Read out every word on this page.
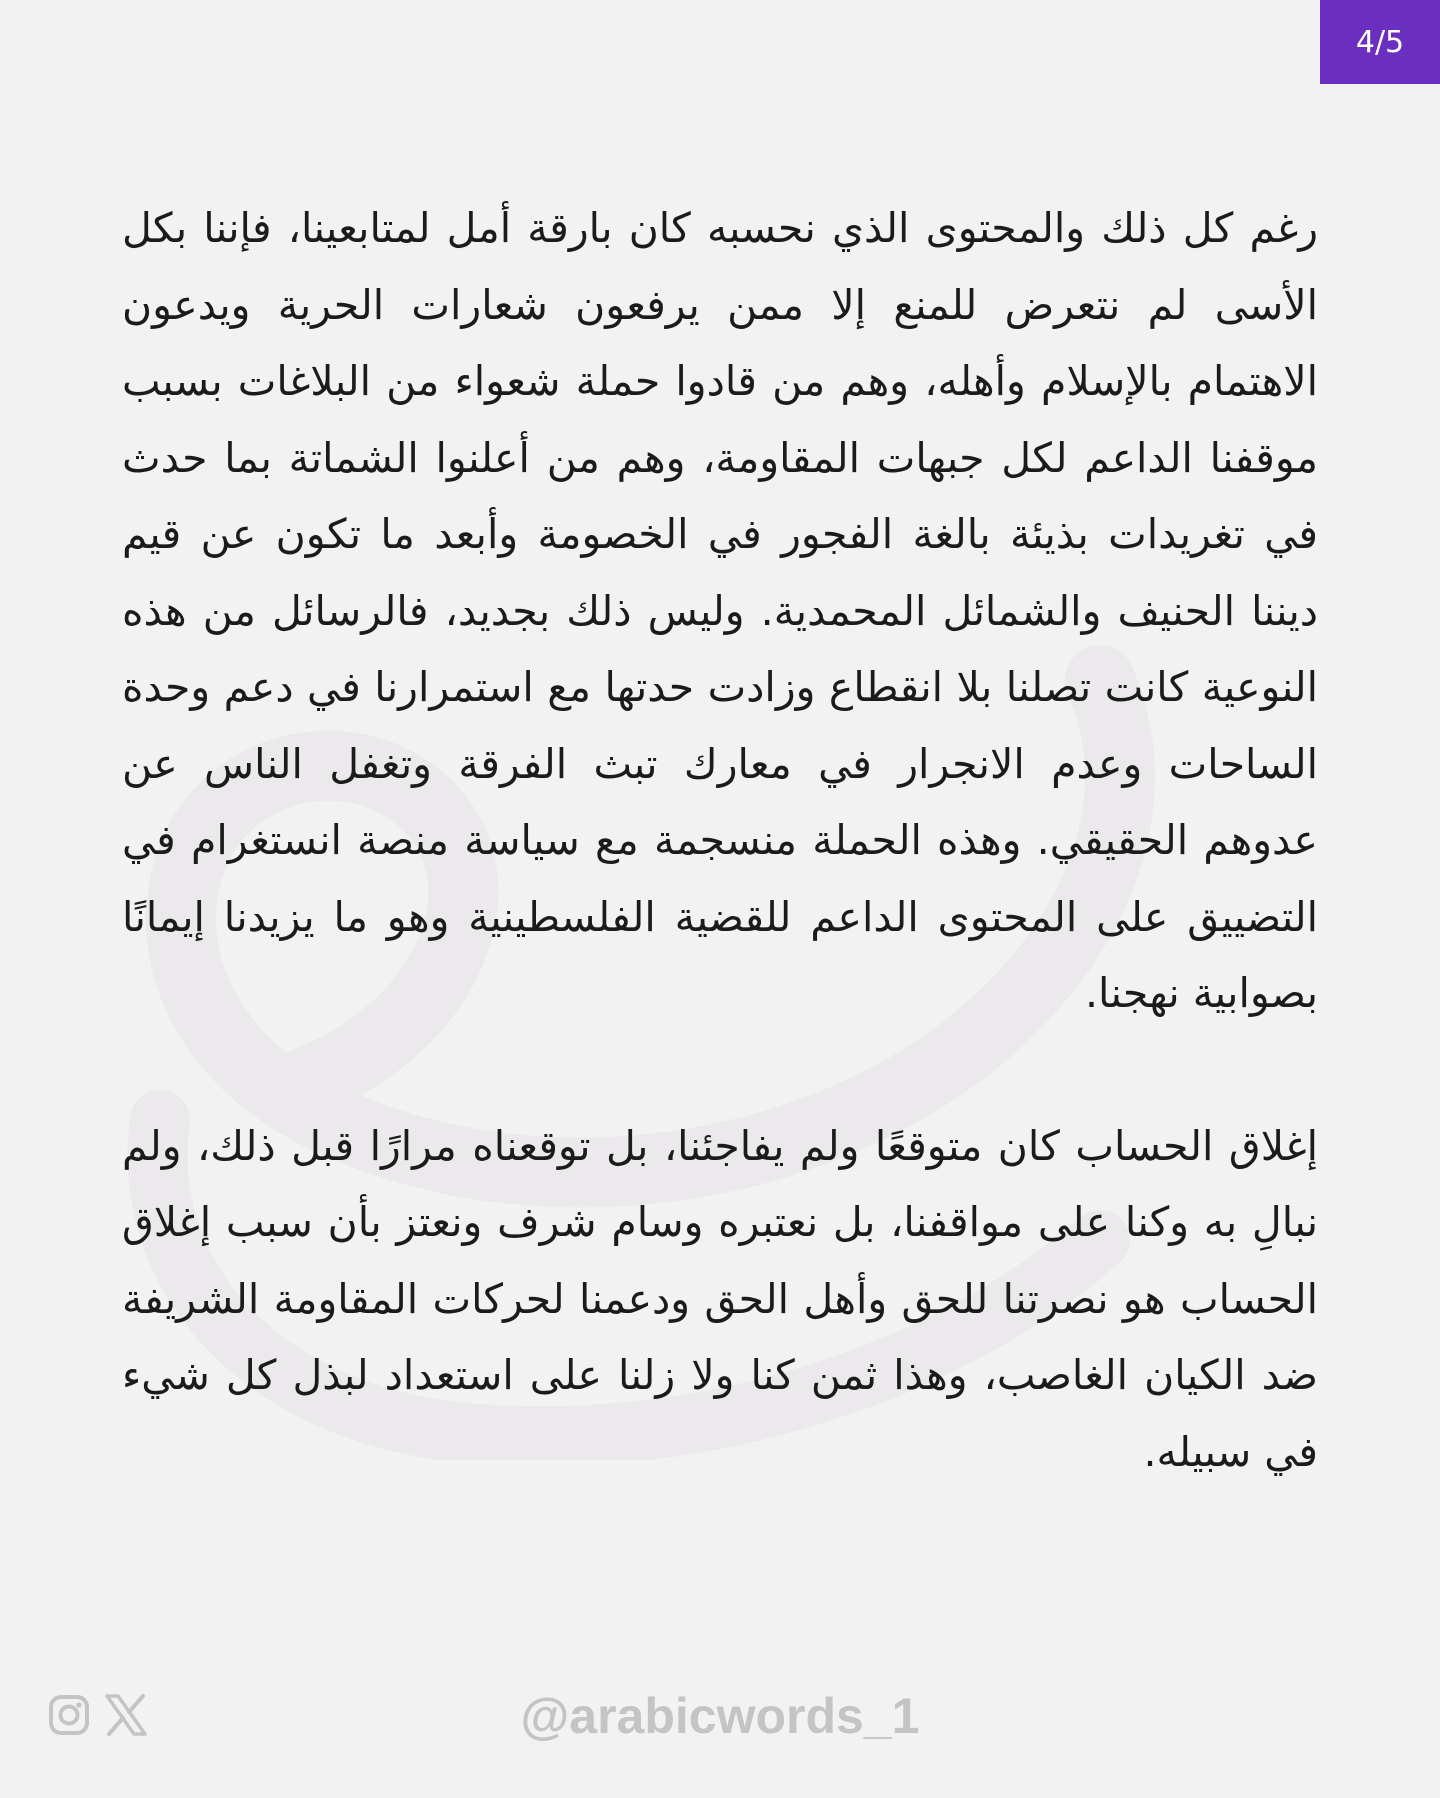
4/5

رغم كل ذلك والمحتوى الذي نحسبه كان بارقة أمل لمتابعينا، فإننا بكل الأسى لم نتعرض للمنع إلا ممن يرفعون شعارات الحرية ويدعون الاهتمام بالإسلام وأهله، وهم من قادوا حملة شعواء من البلاغات بسبب موقفنا الداعم لكل جبهات المقاومة، وهم من أعلنوا الشماتة بما حدث في تغريدات بذيئة بالغة الفجور في الخصومة وأبعد ما تكون عن قيم ديننا الحنيف والشمائل المحمدية. وليس ذلك بجديد، فالرسائل من هذه النوعية كانت تصلنا بلا انقطاع وزادت حدتها مع استمرارنا في دعم وحدة الساحات وعدم الانجرار في معارك تبث الفرقة وتغفل الناس عن عدوهم الحقيقي. وهذه الحملة منسجمة مع سياسة منصة انستغرام في التضييق على المحتوى الداعم للقضية الفلسطينية وهو ما يزيدنا إيمانًا بصوابية نهجنا.

إغلاق الحساب كان متوقعًا ولم يفاجئنا، بل توقعناه مرارًا قبل ذلك، ولم نبالِ به وكنا على مواقفنا، بل نعتبره وسام شرف ونعتز بأن سبب إغلاق الحساب هو نصرتنا للحق وأهل الحق ودعمنا لحركات المقاومة الشريفة ضد الكيان الغاصب، وهذا ثمن كنا ولا زلنا على استعداد لبذل كل شيء في سبيله.

@arabicwords_1
